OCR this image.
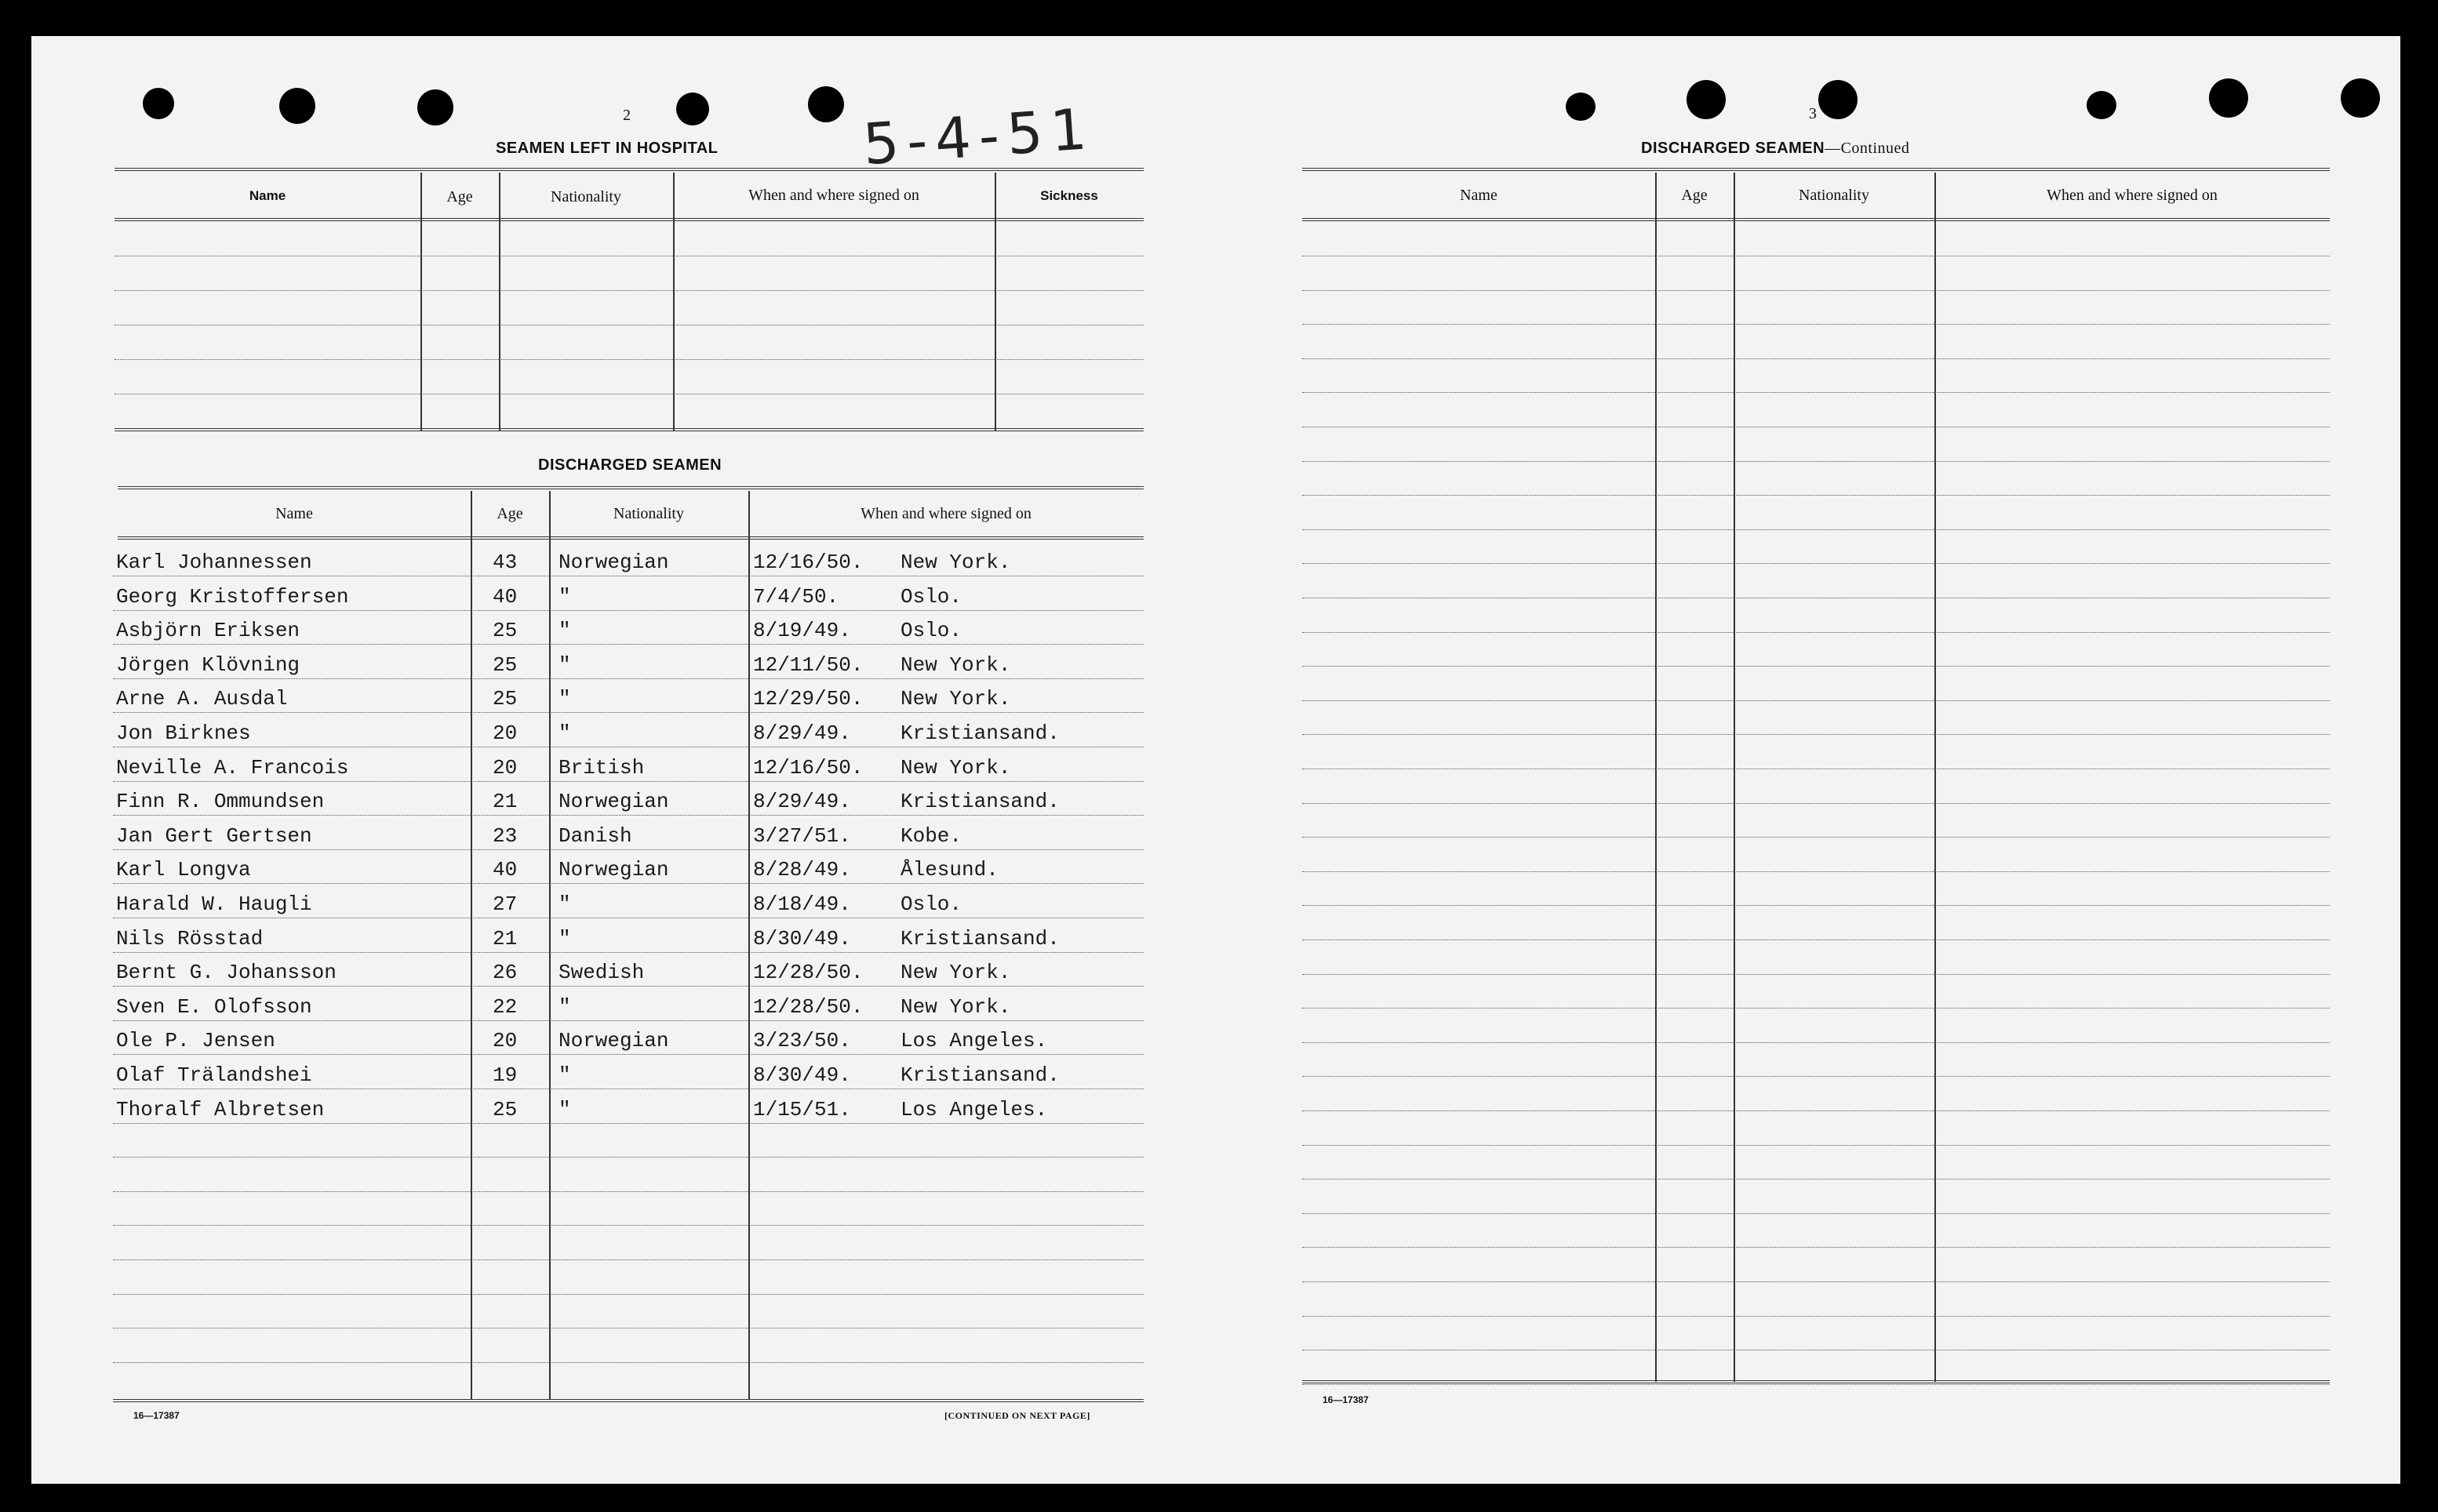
2	5-4-51
SEAMEN LEFT IN HOSPITAL
Name	Age	Nationality	When and where signed on	Sickness
DISCHARGED SEAMEN
Name	Age	Nationality	When and where signed on
Karl Johannessen	43 Norwegian	12/16/50. New York.
Georg Kristoffersen	40 "	7/4/50.	Oslo.
Asbjörn Eriksen	25 "	8/19/49. Oslo.
Jörgen Klövning	25 "	12/11/50. New York.
Arne A. Ausdal	25 "	12/29/50. New York.
Jon Birknes	20 "	8/29/49. Kristiansand.
Neville A. Francois	20 British	12/16/50. New York.
Finn R. Ommundsen	21 Norwegian	8/29/49. Kristiansand.
Jan Gert Gertsen	23 Danish	3/27/51. Kobe.
Karl Longva	40 Norwegian	8/28/49. Ålesund.
Harald W. Haugli	27 "	8/18/49. Oslo.
Nils Rösstad	21 "	8/30/49. Kristiansand.
Bernt G. Johansson	26 Swedish	12/28/50. New York.
Sven E. Olofsson	22 "	12/28/50. New York.
Ole P. Jensen	20 Norwegian	3/23/50. Los Angeles.
Olaf Trälandshei	19 "	8/30/49. Kristiansand.
Thoralf Albretsen	25 "	1/15/51. Los Angeles.
16—17387	[CONTINUED ON NEXT PAGE]
3
DISCHARGED SEAMEN—Continued
Name	Age	Nationality	When and where signed on
16—17387
